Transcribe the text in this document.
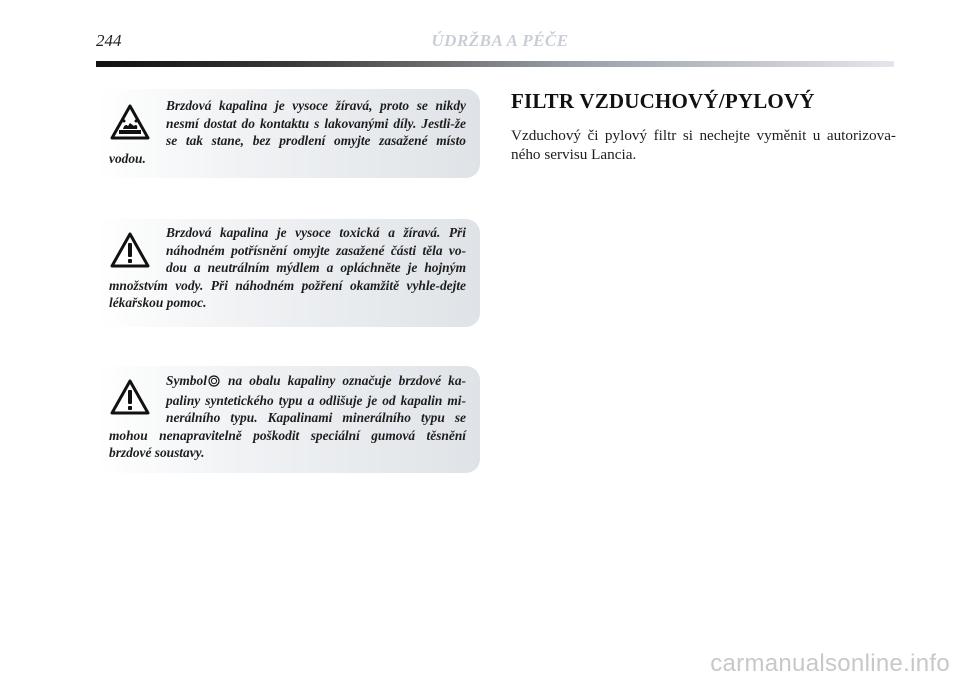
244	ÚDRŽBA A PÉČE

Brzdová kapalina je vysoce žíravá, proto se nikdy nesmí dostat do kontaktu s lakovanými díly. Jestli-že se tak stane, bez prodlení omyjte zasažené místo vodou.

Brzdová kapalina je vysoce toxická a žíravá. Při náhodném potřísnění omyjte zasažené části těla vo-dou a neutrálním mýdlem a opláchněte je hojným množstvím vody. Při náhodném požření okamžitě vyhle-dejte lékařskou pomoc.

Symbol na obalu kapaliny označuje brzdové ka-paliny syntetického typu a odlišuje je od kapalin mi-nerálního typu. Kapalinami minerálního typu se mohou nenapravitelně poškodit speciální gumová těsnění brzdové soustavy.

FILTR VZDUCHOVÝ/PYLOVÝ

Vzduchový či pylový filtr si nechejte vyměnit u autorizova-
ného servisu Lancia.

carmanualsonline.info
